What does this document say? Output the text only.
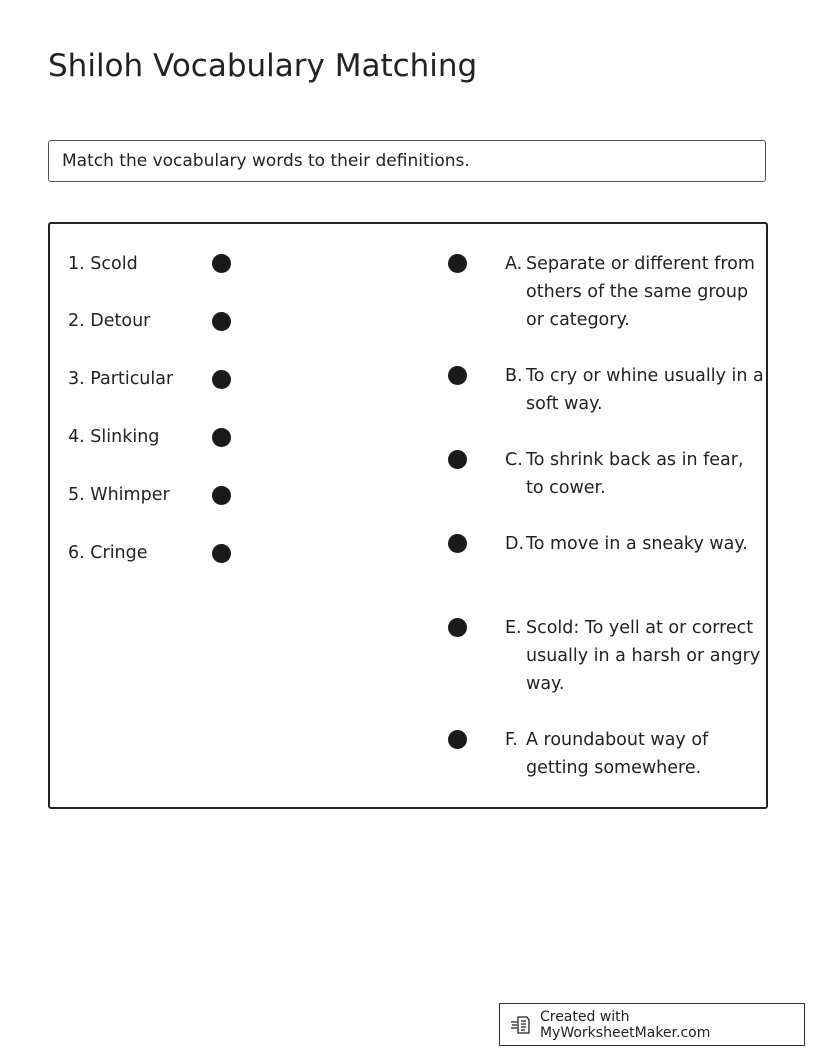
Shiloh Vocabulary Matching
Match the vocabulary words to their definitions.
1. Scold
2. Detour
3. Particular
4. Slinking
5. Whimper
6. Cringe
A. Separate or different from others of the same group or category.
B. To cry or whine usually in a soft way.
C. To shrink back as in fear, to cower.
D. To move in a sneaky way.
E. Scold: To yell at or correct usually in a harsh or angry way.
F. A roundabout way of getting somewhere.
Created with MyWorksheetMaker.com
